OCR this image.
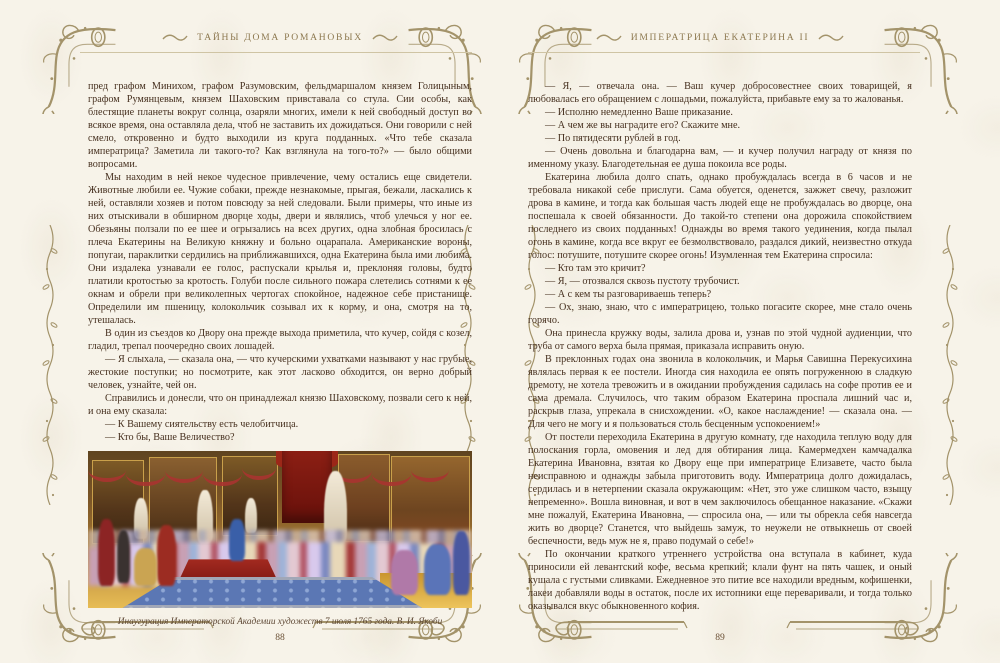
ТАЙНЫ ДОМА РОМАНОВЫХ

пред графом Минихом, графом Разумовским, фельдмаршалом князем Голицыным, графом Румянцевым, князем Шаховским привставала со стула. Сии особы, как блестящие планеты вокруг солнца, озаряли многих, имели к ней свободный доступ во всякое время, она оставляла дела, чтоб не заставить их дожидаться. Они говорили с ней смело, откровенно и будто выходили из круга подданных. «Что тебе сказала императрица? Заметила ли такого-то? Как взглянула на того-то?» — было общими вопросами.

Мы находим в ней некое чудесное привлечение, чему остались еще свидетели. Животные любили ее. Чужие собаки, прежде незнакомые, прыгая, бежали, ласкались к ней, оставляли хозяев и потом повсюду за ней следовали. Были примеры, что иные из них отыскивали в обширном дворце ходы, двери и являлись, чтоб улечься у ног ее. Обезьяны ползали по ее шее и огрызались на всех других, одна злобная бросилась с плеча Екатерины на Великую княжну и больно оцарапала. Американские вороны, попугаи, параклитки сердились на приближавшихся, одна Екатерина была ими любима. Они издалека узнавали ее голос, распускали крылья и, преклоняя головы, будто платили кротостью за кротость. Голуби после сильного пожара слетелись сотнями к ее окнам и обрели при великолепных чертогах спокойное, надежное себе пристанище. Определили им пшеницу, колокольчик созывал их к корму, и она, смотря на то, утешалась.

В один из съездов ко Двору она прежде выхода приметила, что кучер, сойдя с козел, гладил, трепал поочередно своих лошадей.

— Я слыхала, — сказала она, — что кучерскими ухватками называют у нас грубые, жестокие поступки; но посмотрите, как этот ласково обходится, он верно добрый человек, узнайте, чей он.

Справились и донесли, что он принадлежал князю Шаховскому, позвали сего к ней, и она ему сказала:

— К Вашему сиятельству есть челобитчица.

— Кто бы, Ваше Величество?

Инаугурация Императорской Академии художеств 7 июля 1765 года. В. И. Якоби
88
ИМПЕРАТРИЦА ЕКАТЕРИНА II

— Я, — отвечала она. — Ваш кучер добросовестнее своих товарищей, я любовалась его обращением с лошадьми, пожалуйста, прибавьте ему за то жалованья.

— Исполню немедленно Ваше приказание.

— А чем же вы наградите его? Скажите мне.

— По пятидесяти рублей в год.

— Очень довольна и благодарна вам, — и кучер получил награду от князя по именному указу. Благодетельная ее душа покоила все роды.

Екатерина любила долго спать, однако пробуждалась всегда в 6 часов и не требовала никакой себе прислуги. Сама обуется, оденется, зажжет свечу, разложит дрова в камине, и тогда как большая часть людей еще не пробуждалась во дворце, она поспешала к своей обязанности. До такой-то степени она дорожила спокойствием последнего из своих подданных! Однажды во время такого уединения, когда пылал огонь в камине, когда все вкруг ее безмолвствовало, раздался дикий, неизвестно откуда голос: потушите, потушите скорее огонь! Изумленная тем Екатерина спросила:

— Кто там это кричит?

— Я, — отозвался сквозь пустоту трубочист.

— А с кем ты разговариваешь теперь?

— Ох, знаю, знаю, что с императрицею, только погасите скорее, мне стало очень горячо.

Она принесла кружку воды, залила дрова и, узнав по этой чудной аудиенции, что труба от самого верха была прямая, приказала исправить оную.

В преклонных годах она звонила в колокольчик, и Марья Савишна Перекусихина являлась первая к ее постели. Иногда сия находила ее опять погруженною в сладкую дремоту, не хотела тревожить и в ожидании пробуждения садилась на софе против ее и сама дремала. Случилось, что таким образом Екатерина проспала лишний час и, раскрыв глаза, упрекала в снисхождении. «О, какое наслаждение! — сказала она. — Для чего не могу и я пользоваться столь бесценным успокоением!»

От постели переходила Екатерина в другую комнату, где находила теплую воду для полоскания горла, омовения и лед для обтирания лица. Камермедхен камчадалка Екатерина Ивановна, взятая ко Двору еще при императрице Елизавете, часто была неисправною и однажды забыла приготовить воду. Императрица долго дожидалась, сердилась и в нетерпении сказала окружающим: «Нет, это уже слишком часто, взыщу непременно». Вошла виновная, и вот в чем заключилось обещанное наказание. «Скажи мне пожалуй, Екатерина Ивановна, — спросила она, — или ты обрекла себя навсегда жить во дворце? Станется, что выйдешь замуж, то неужели не отвыкнешь от своей беспечности, ведь муж не я, право подумай о себе!»

По окончании краткого утреннего устройства она вступала в кабинет, куда приносили ей левантский кофе, весьма крепкий; клали фунт на пять чашек, и оный кушала с густыми сливками. Ежедневное это питие все находили вредным, кофишенки, лакеи добавляли воды в остаток, после их истопники еще переваривали, и тогда только оказывался вкус обыкновенного кофия.

89
